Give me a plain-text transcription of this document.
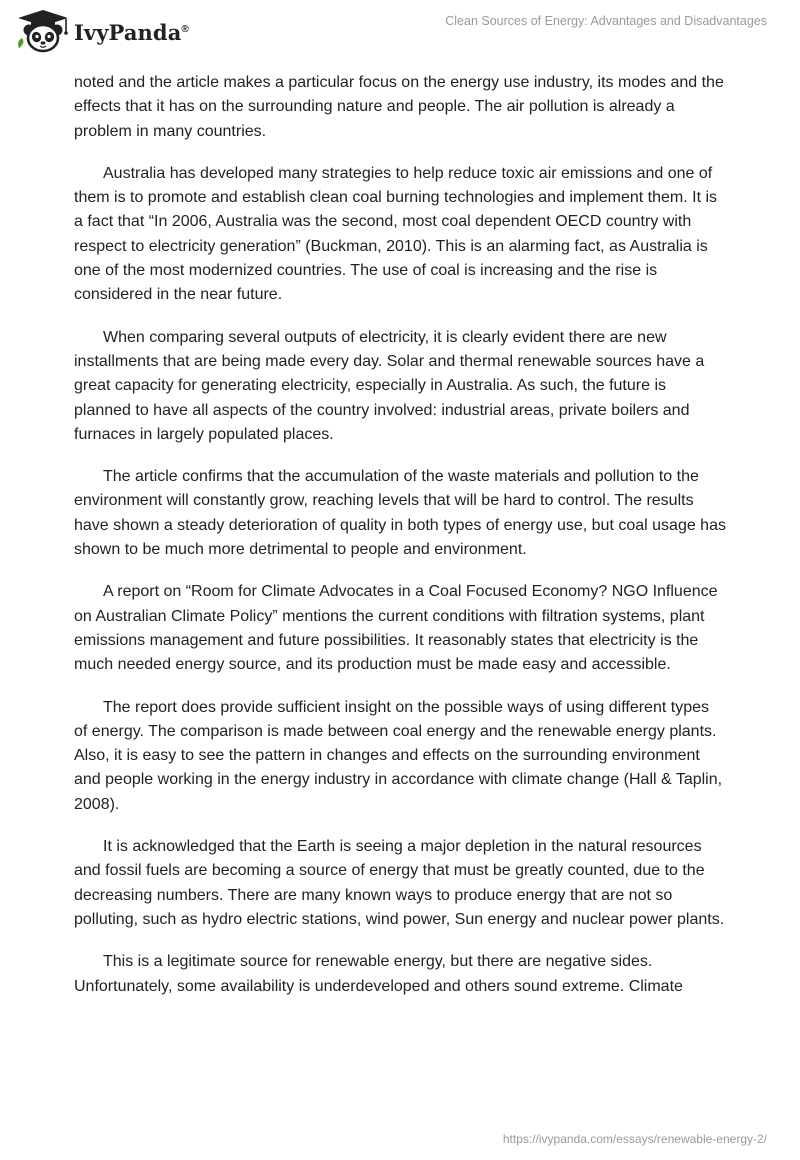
IvyPanda®
Clean Sources of Energy: Advantages and Disadvantages

noted and the article makes a particular focus on the energy use industry, its modes and the effects that it has on the surrounding nature and people. The air pollution is already a problem in many countries.

Australia has developed many strategies to help reduce toxic air emissions and one of them is to promote and establish clean coal burning technologies and implement them. It is a fact that “In 2006, Australia was the second, most coal dependent OECD country with respect to electricity generation” (Buckman, 2010). This is an alarming fact, as Australia is one of the most modernized countries. The use of coal is increasing and the rise is considered in the near future.

When comparing several outputs of electricity, it is clearly evident there are new installments that are being made every day. Solar and thermal renewable sources have a great capacity for generating electricity, especially in Australia. As such, the future is planned to have all aspects of the country involved: industrial areas, private boilers and furnaces in largely populated places.

The article confirms that the accumulation of the waste materials and pollution to the environment will constantly grow, reaching levels that will be hard to control. The results have shown a steady deterioration of quality in both types of energy use, but coal usage has shown to be much more detrimental to people and environment.

A report on “Room for Climate Advocates in a Coal Focused Economy? NGO Influence on Australian Climate Policy” mentions the current conditions with filtration systems, plant emissions management and future possibilities. It reasonably states that electricity is the much needed energy source, and its production must be made easy and accessible.

The report does provide sufficient insight on the possible ways of using different types of energy. The comparison is made between coal energy and the renewable energy plants. Also, it is easy to see the pattern in changes and effects on the surrounding environment and people working in the energy industry in accordance with climate change (Hall & Taplin, 2008).

It is acknowledged that the Earth is seeing a major depletion in the natural resources and fossil fuels are becoming a source of energy that must be greatly counted, due to the decreasing numbers. There are many known ways to produce energy that are not so polluting, such as hydro electric stations, wind power, Sun energy and nuclear power plants.

This is a legitimate source for renewable energy, but there are negative sides. Unfortunately, some availability is underdeveloped and others sound extreme. Climate

https://ivypanda.com/essays/renewable-energy-2/
